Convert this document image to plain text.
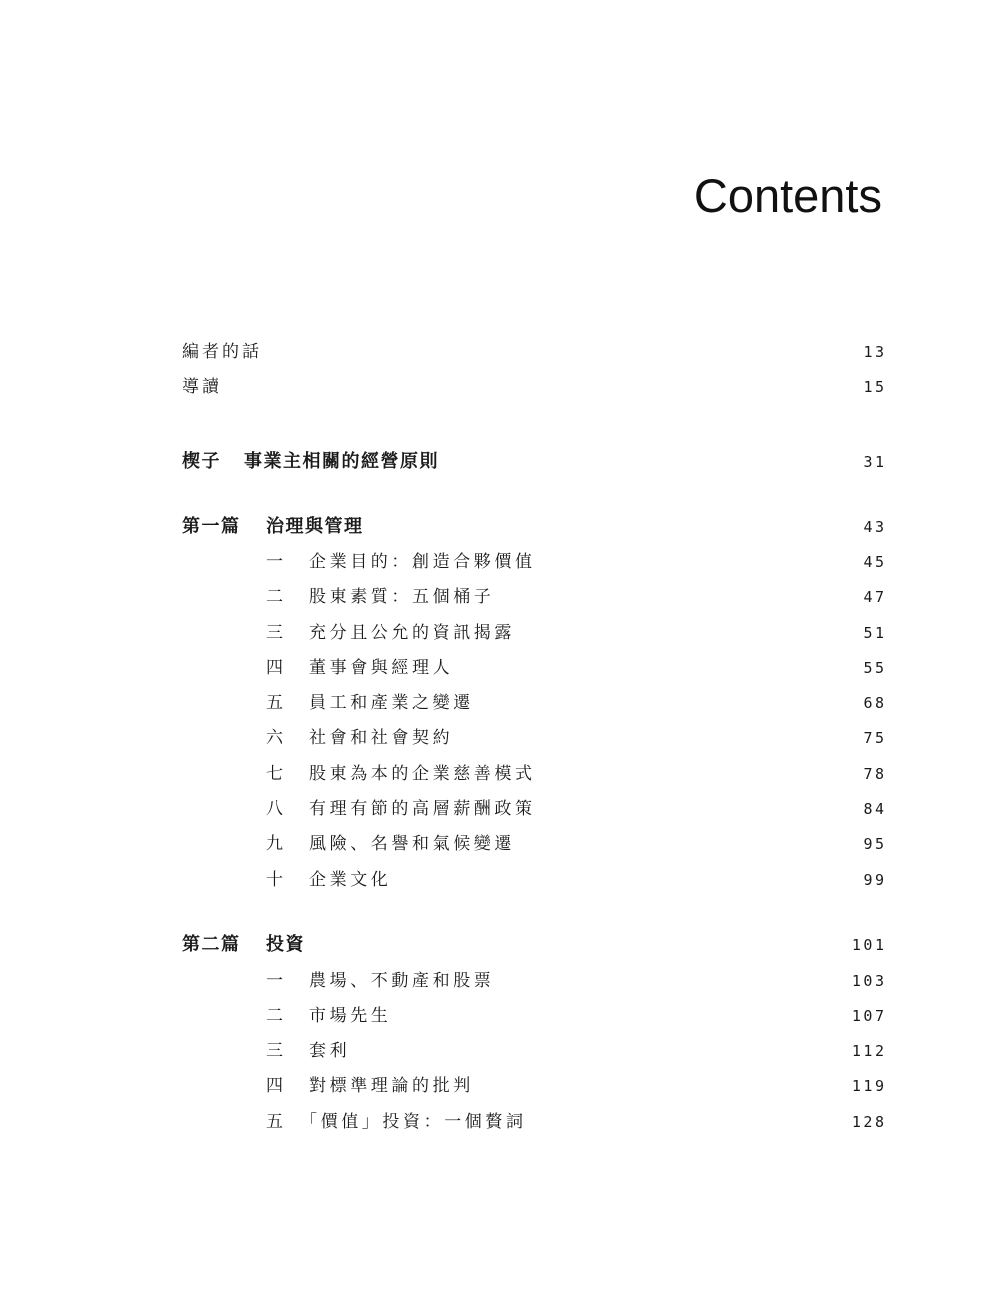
Contents
編者的話	13
導讀	15
楔子 事業主相關的經營原則	31
第一篇 治理與管理	43
一 企業目的：創造合夥價值	45
二 股東素質：五個桶子	47
三 充分且公允的資訊揭露	51
四 董事會與經理人	55
五 員工和產業之變遷	68
六 社會和社會契約	75
七 股東為本的企業慈善模式	78
八 有理有節的高層薪酬政策	84
九 風險、名譽和氣候變遷	95
十 企業文化	99
第二篇 投資	101
一 農場、不動產和股票	103
二 市場先生	107
三 套利	112
四 對標準理論的批判	119
五 「價值」投資：一個贅詞	128
